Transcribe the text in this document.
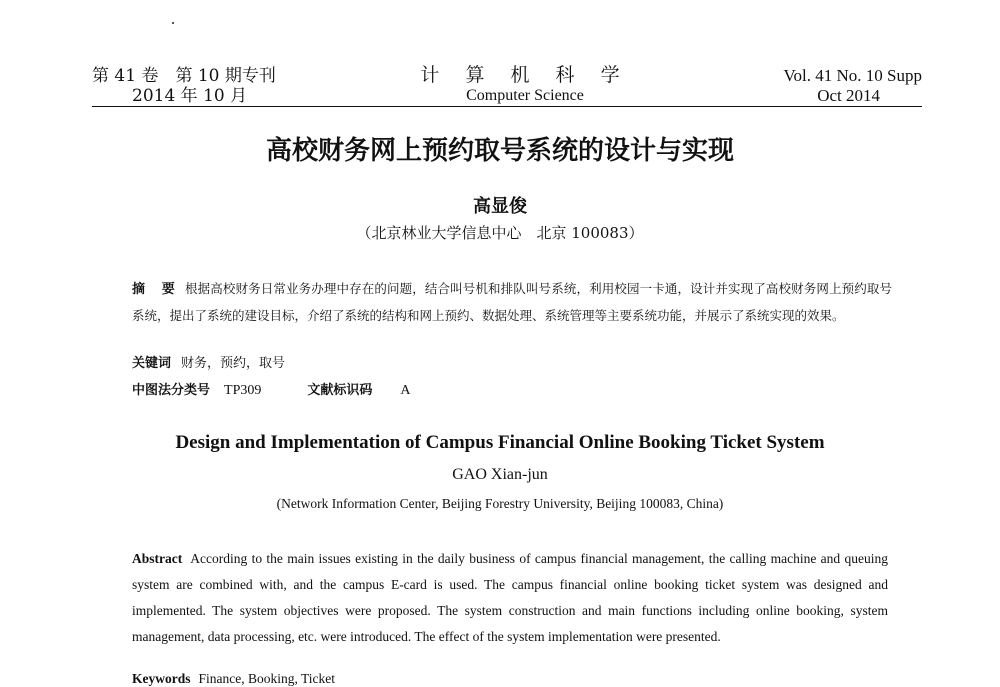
第 41 卷　第 10 期专刊
2014 年 10 月
计 算 机 科 学
Computer Science
Vol. 41 No. 10 Supp
Oct 2014
高校财务网上预约取号系统的设计与实现
高显俊
（北京林业大学信息中心　北京 100083）
摘 要 根据高校财务日常业务办理中存在的问题，结合叫号机和排队叫号系统，利用校园一卡通，设计并实现了高校财务网上预约取号系统，提出了系统的建设目标，介绍了系统的结构和网上预约、数据处理、系统管理等主要系统功能，并展示了系统实现的效果。
关键词 财务，预约，取号
中图法分类号 TP309	文献标识码 A
Design and Implementation of Campus Financial Online Booking Ticket System
GAO Xian-jun
(Network Information Center, Beijing Forestry University, Beijing 100083, China)
Abstract According to the main issues existing in the daily business of campus financial management, the calling machine and queuing system are combined with, and the campus E-card is used. The campus financial online booking ticket system was designed and implemented. The system objectives were proposed. The system construction and main functions including online booking, system management, data processing, etc. were introduced. The effect of the system implementation were presented.
Keywords Finance, Booking, Ticket
